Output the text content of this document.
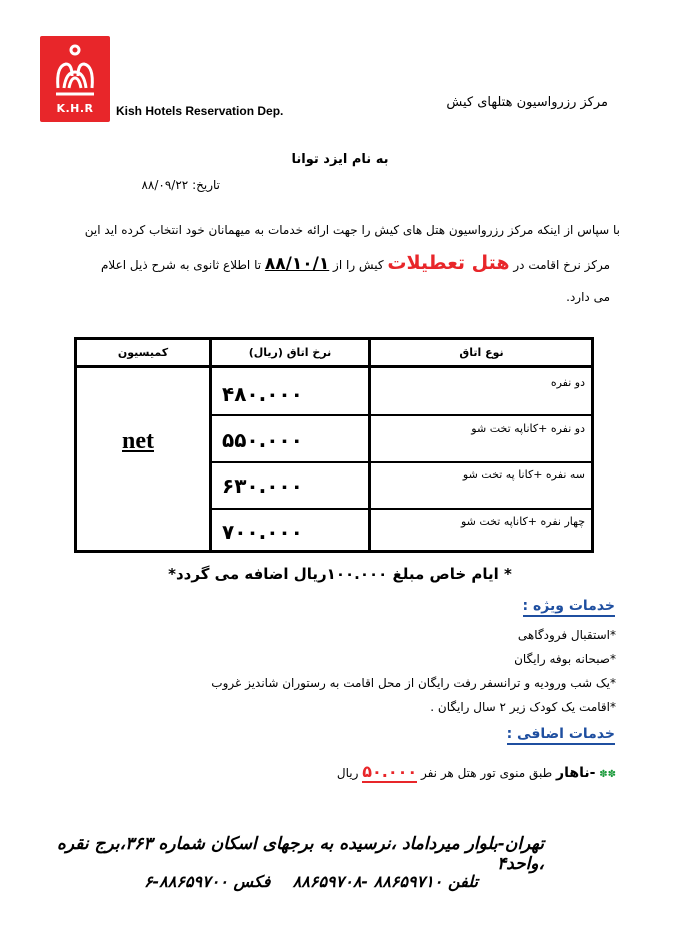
K.H.R	Kish Hotels Reservation Dep.
مرکز رزرواسیون هتلهای کیش
به نام ایزد توانا
تاریخ: ۸۸/۰۹/۲۲
با سپاس از اینکه مرکز رزرواسیون هتل های کیش را جهت ارائه خدمات به میهمانان خود انتخاب کرده اید این
مرکز نرخ اقامت در هتل تعطیلات کیش را از ۸۸/۱۰/۱ تا اطلاع ثانوی به شرح ذیل اعلام
می دارد.
نوع اتاق
نرخ اتاق (ریال)
کمیسیون
net
دو نفره
۴۸۰.۰۰۰
دو نفره +کاناپه تخت شو
۵۵۰.۰۰۰
سه نفره +کانا په تخت شو
۶۳۰.۰۰۰
چهار نفره +کاناپه تخت شو
۷۰۰.۰۰۰
* ایام خاص مبلغ ۱۰۰.۰۰۰ریال اضافه می گردد*
خدمات ویژه :
*استقبال فرودگاهی
*صبحانه بوفه رایگان
*یک شب ورودیه و ترانسفر رفت رایگان از محل اقامت به رستوران شاندیز غروب
*اقامت یک کودک زیر ۲ سال رایگان .
خدمات اضافی :
✽✽ -ناهار طبق منوی تور هتل هر نفر ۵۰.۰۰۰ ریال
تهران-بلوار میرداماد ،نرسیده به برجهای اسکان شماره ۳۶۳،برج نقره ،واحد۴
تلفن ۸۸۶۵۹۷۱۰ -۸۸۶۵۹۷۰۸    فکس ۸۸۶۵۹۷۰۰-۶
